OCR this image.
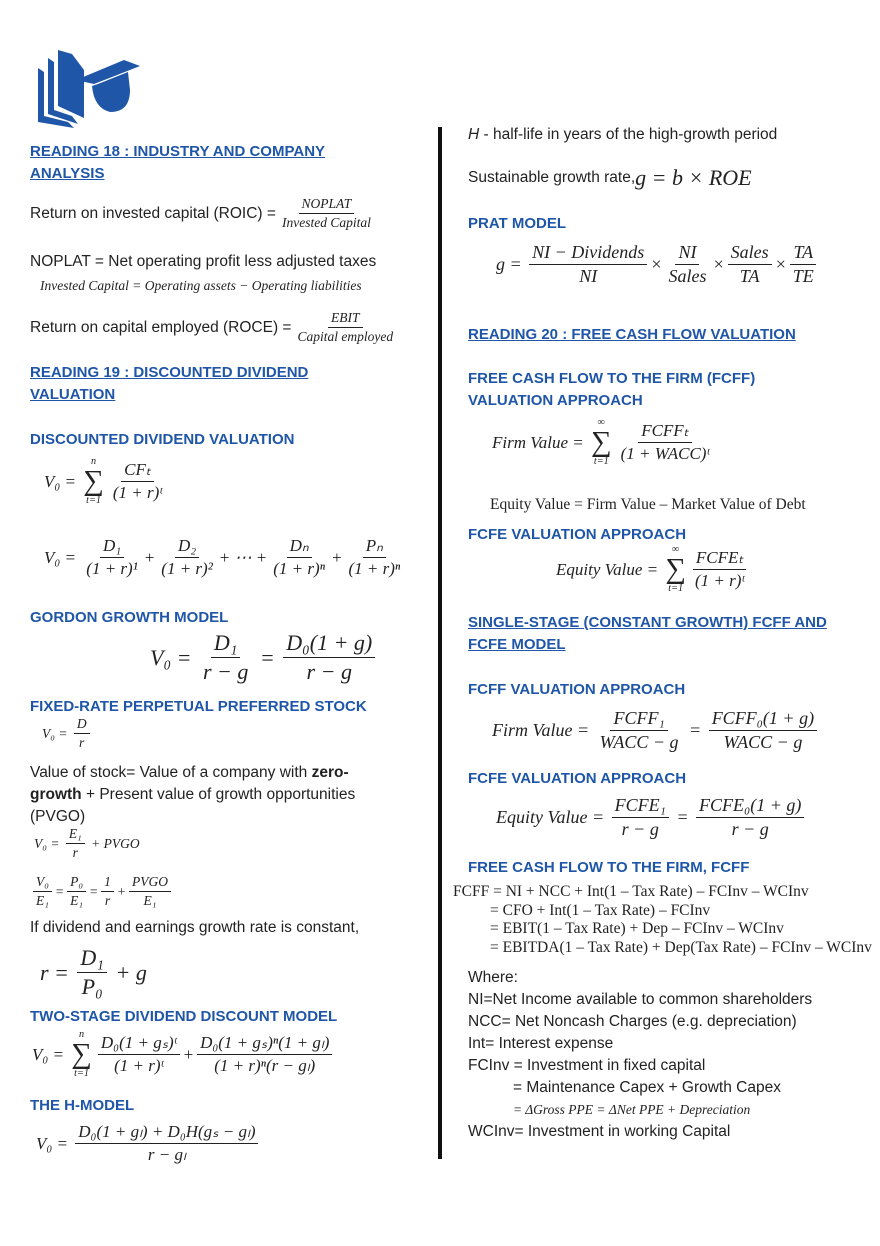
READING 18 : INDUSTRY AND COMPANY ANALYSIS
Return on invested capital (ROIC) = $\frac{\text{NOPLAT}}{\text{Invested Capital}}$
NOPLAT = Net operating profit less adjusted taxes
Invested Capital = Operating assets − Operating liabilities
Return on capital employed (ROCE) = $\frac{\text{EBIT}}{\text{Capital employed}}$
READING 19 : DISCOUNTED DIVIDEND VALUATION
DISCOUNTED DIVIDEND VALUATION
V₀ =
n
∑
$t=1 \frac{\text{CFₜ}}{\text{(1 + r)ᵗ}}$
$V_0 = \frac{\text{D₁}}{\text{(1 + r)¹}} + \frac{\text{D₂}}{\text{(1 + r)²}}$ + ⋯ + $\frac{\text{Dₙ}}{\text{(1 + r)ⁿ}} + \frac{\text{Pₙ}}{\text{(1 + r)ⁿ}}$
GORDON GROWTH MODEL
$V_0 = \frac{\text{D₁}}{r - g} = \frac{\text{D₀(1 + g)}}{r - g}$
FIXED-RATE PERPETUAL PREFERRED STOCK
$V_0 = \frac{D}{r}$
Value of stock= Value of a company with zero-growth + Present value of growth opportunities (PVGO)
$V_0 = \frac{\text{E₁}}{r}$ + PVGO
$\frac{\text{V₀}}{\text{E₁}} = \frac{\text{P₀}}{\text{E₁}} = \frac{1}{r} + \frac{\text{PVGO}}{\text{E₁}}$
If dividend and earnings growth rate is constant,
$r = \frac{\text{D₁}}{\text{P₀}} + g$
TWO-STAGE DIVIDEND DISCOUNT MODEL
V₀ =
n
∑
$t=1 \frac{\text{D₀(1 + gₛ)ᵗ}}{\text{(1 + r)ᵗ}} + \frac{\text{D₀(1 + gₛ)ⁿ(1 + gₗ)}}{\text{(1 + r)ⁿ(r − gₗ)}}$
THE H-MODEL
$V_0 = \frac{\text{D₀(1 + gₗ) + D₀H(gₛ − gₗ)}}{\text{r − gₗ}}$
H - half-life in years of the high-growth period
Sustainable growth rate, g = b × ROE
PRAT MODEL
$g = \frac{\text{NI − Dividends}}{NI} \times \frac{NI}{\text{Sales}} \times \frac{\text{Sales}}{TA} \times \frac{TA}{TE}$
READING 20 : FREE CASH FLOW VALUATION
FREE CASH FLOW TO THE FIRM (FCFF) VALUATION APPROACH
Firm Value =
∞
∑
$t=1 \frac{\text{FCFFₜ}}{\text{(1 + WACC)ᵗ}}$
Equity Value = Firm Value – Market Value of Debt
FCFE VALUATION APPROACH
Equity Value =
∞
∑
$t=1 \frac{\text{FCFEₜ}}{\text{(1 + r)ᵗ}}$
SINGLE-STAGE (CONSTANT GROWTH) FCFF AND FCFE MODEL
FCFF VALUATION APPROACH
Firm Value = $\frac{\text{FCFF₁}}{\text{WACC − g}} = \frac{\text{FCFF₀(1 + g)}}{\text{WACC − g}}$
FCFE VALUATION APPROACH
Equity Value = $\frac{\text{FCFE₁}}{r - g} = \frac{\text{FCFE₀(1 + g)}}{r - g}$
FREE CASH FLOW TO THE FIRM, FCFF
FCFF = NI + NCC + Int(1 – Tax Rate) – FCInv – WCInv
= CFO + Int(1 – Tax Rate) – FCInv
= EBIT(1 – Tax Rate) + Dep – FCInv – WCInv
= EBITDA(1 – Tax Rate) + Dep(Tax Rate) – FCInv – WCInv
Where:
NI=Net Income available to common shareholders
NCC= Net Noncash Charges (e.g. depreciation)
Int= Interest expense
FCInv = Investment in fixed capital
= Maintenance Capex + Growth Capex
= ΔGross PPE = ΔNet PPE + Depreciation
WCInv= Investment in working Capital
